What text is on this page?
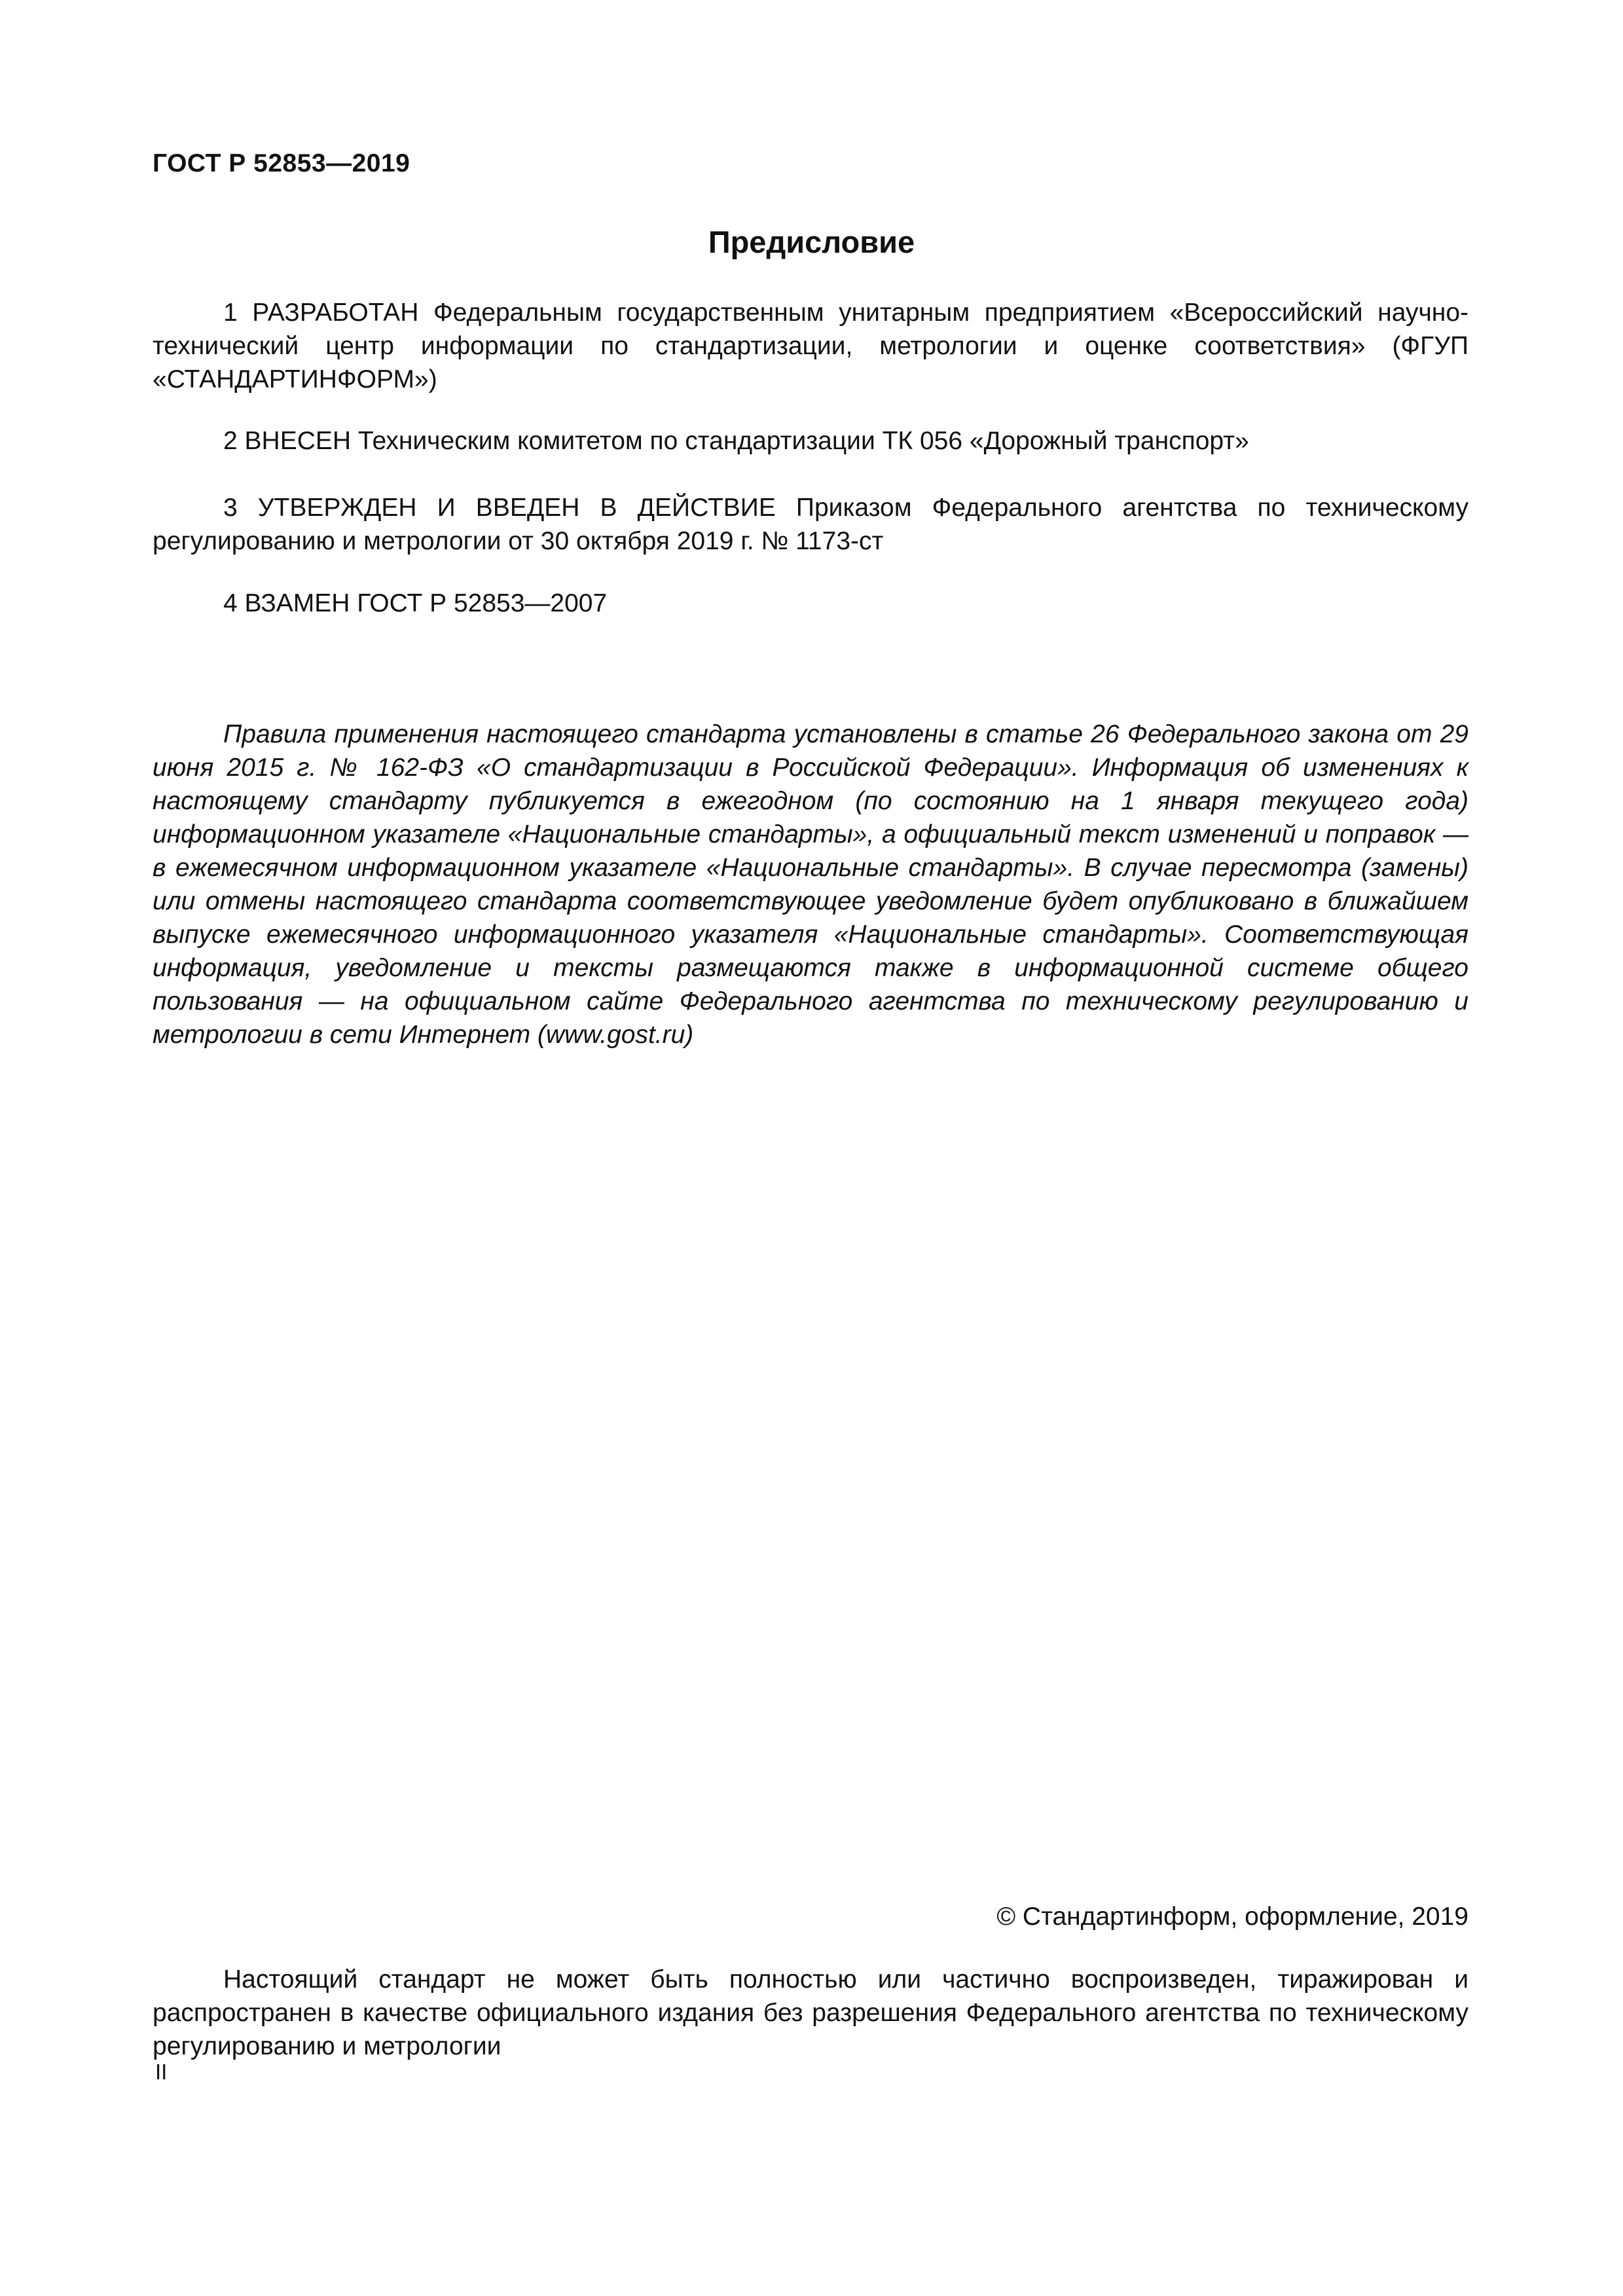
ГОСТ Р 52853—2019
Предисловие

1 РАЗРАБОТАН Федеральным государственным унитарным предприятием «Всероссийский научно-технический центр информации по стандартизации, метрологии и оценке соответствия» (ФГУП «СТАНДАРТИНФОРМ»)

2 ВНЕСЕН Техническим комитетом по стандартизации ТК 056 «Дорожный транспорт»

3 УТВЕРЖДЕН И ВВЕДЕН В ДЕЙСТВИЕ Приказом Федерального агентства по техническому регулированию и метрологии от 30 октября 2019 г. № 1173-ст

4 ВЗАМЕН ГОСТ Р 52853—2007

Правила применения настоящего стандарта установлены в статье 26 Федерального закона от 29 июня 2015 г. № 162-ФЗ «О стандартизации в Российской Федерации». Информация об изменениях к настоящему стандарту публикуется в ежегодном (по состоянию на 1 января текущего года) информационном указателе «Национальные стандарты», а официальный текст изменений и поправок — в ежемесячном информационном указателе «Национальные стандарты». В случае пересмотра (замены) или отмены настоящего стандарта соответствующее уведомление будет опубликовано в ближайшем выпуске ежемесячного информационного указателя «Национальные стандарты». Соответствующая информация, уведомление и тексты размещаются также в информационной системе общего пользования — на официальном сайте Федерального агентства по техническому регулированию и метрологии в сети Интернет (www.gost.ru)

© Стандартинформ, оформление, 2019

Настоящий стандарт не может быть полностью или частично воспроизведен, тиражирован и распространен в качестве официального издания без разрешения Федерального агентства по техническому регулированию и метрологии

II
